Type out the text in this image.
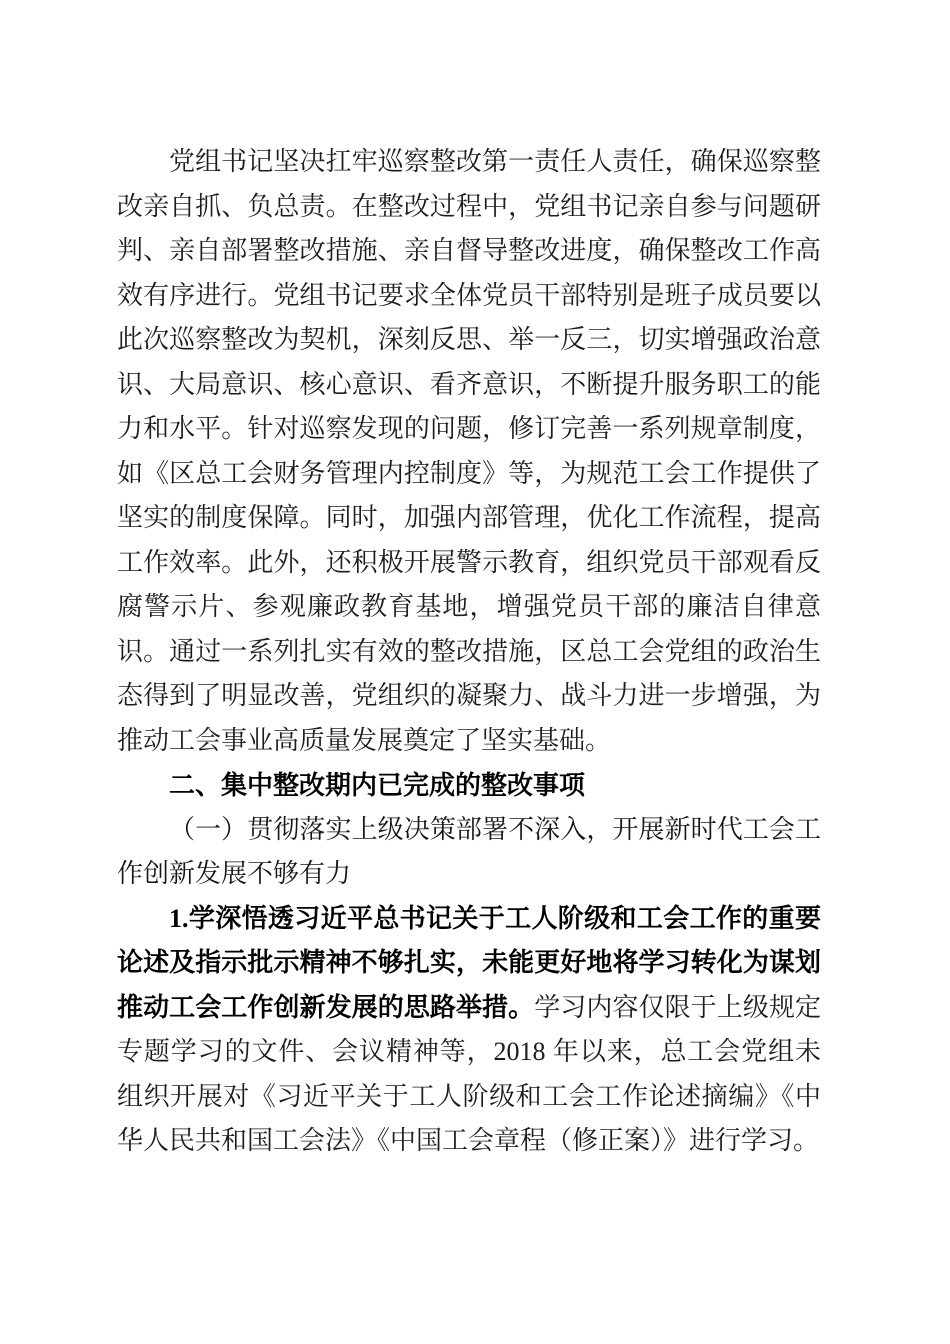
党组书记坚决扛牢巡察整改第一责任人责任，确保巡察整改亲自抓、负总责。在整改过程中，党组书记亲自参与问题研判、亲自部署整改措施、亲自督导整改进度，确保整改工作高效有序进行。党组书记要求全体党员干部特别是班子成员要以此次巡察整改为契机，深刻反思、举一反三，切实增强政治意识、大局意识、核心意识、看齐意识，不断提升服务职工的能力和水平。针对巡察发现的问题，修订完善一系列规章制度，如《区总工会财务管理内控制度》等，为规范工会工作提供了坚实的制度保障。同时，加强内部管理，优化工作流程，提高工作效率。此外，还积极开展警示教育，组织党员干部观看反腐警示片、参观廉政教育基地，增强党员干部的廉洁自律意识。通过一系列扎实有效的整改措施，区总工会党组的政治生态得到了明显改善，党组织的凝聚力、战斗力进一步增强，为推动工会事业高质量发展奠定了坚实基础。

二、集中整改期内已完成的整改事项

（一）贯彻落实上级决策部署不深入，开展新时代工会工作创新发展不够有力

1.学深悟透习近平总书记关于工人阶级和工会工作的重要论述及指示批示精神不够扎实，未能更好地将学习转化为谋划推动工会工作创新发展的思路举措。学习内容仅限于上级规定专题学习的文件、会议精神等，2018 年以来，总工会党组未组织开展对《习近平关于工人阶级和工会工作论述摘编》《中华人民共和国工会法》《中国工会章程（修正案）》进行学习。
